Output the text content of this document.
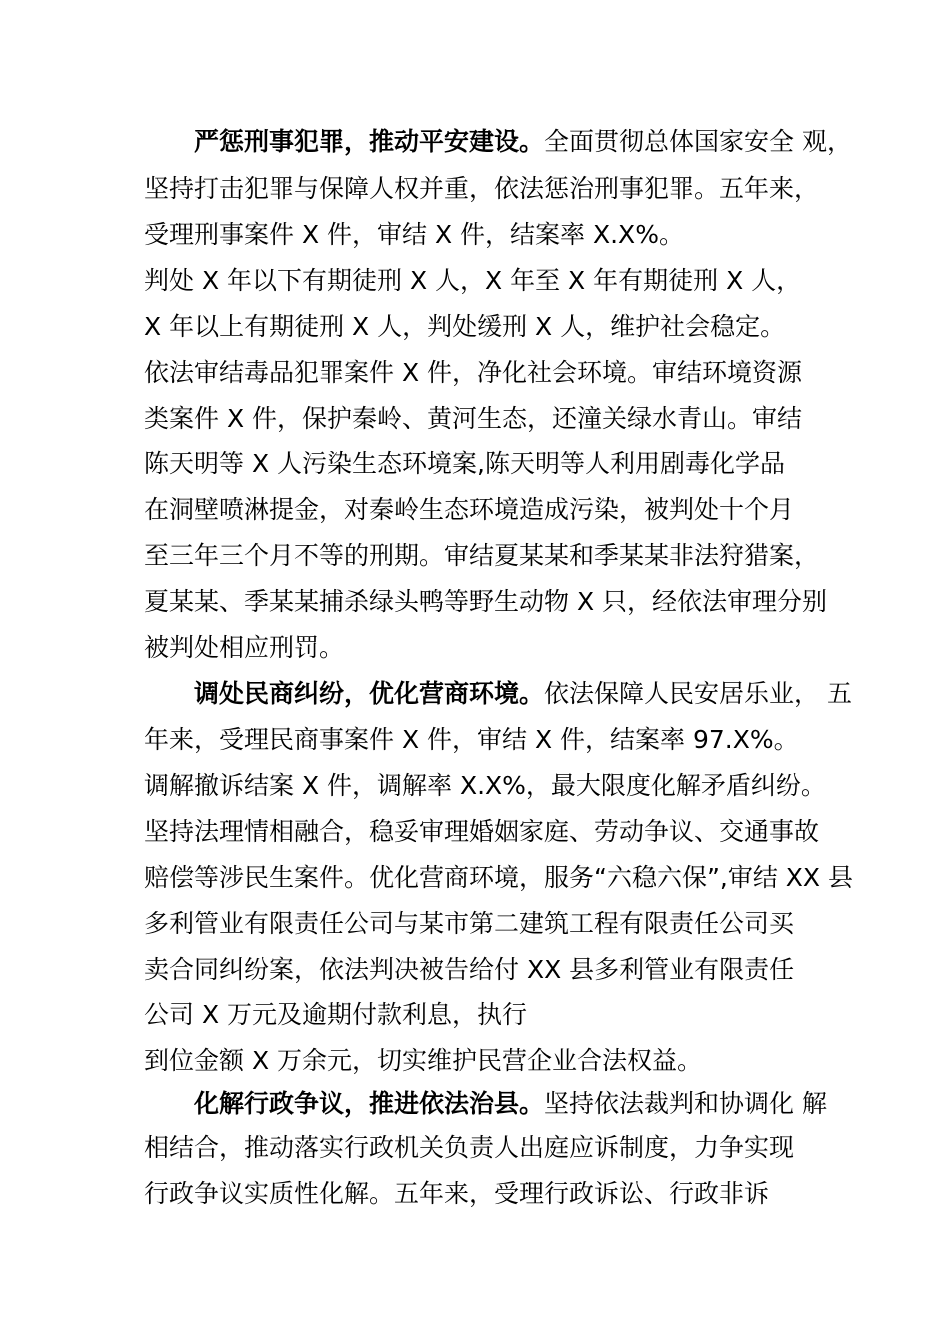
严惩刑事犯罪，推动平安建设。全面贯彻总体国家安全 观，
坚持打击犯罪与保障人权并重，依法惩治刑事犯罪。五年来，
受理刑事案件 X 件，审结 X 件，结案率 X.X%。
判处 X 年以下有期徒刑 X 人，X 年至 X 年有期徒刑 X 人，
X 年以上有期徒刑 X 人，判处缓刑 X 人，维护社会稳定。
依法审结毒品犯罪案件 X 件，净化社会环境。审结环境资源
类案件 X 件，保护秦岭、黄河生态，还潼关绿水青山。审结
陈天明等 X 人污染生态环境案,陈天明等人利用剧毒化学品
在洞壁喷淋提金，对秦岭生态环境造成污染，被判处十个月
至三年三个月不等的刑期。审结夏某某和季某某非法狩猎案，
夏某某、季某某捕杀绿头鸭等野生动物 X 只，经依法审理分别
被判处相应刑罚。
调处民商纠纷，优化营商环境。依法保障人民安居乐业， 五
年来，受理民商事案件 X 件，审结 X 件，结案率 97.X%。
调解撤诉结案 X 件，调解率 X.X%，最大限度化解矛盾纠纷。
坚持法理情相融合，稳妥审理婚姻家庭、劳动争议、交通事故
赔偿等涉民生案件。优化营商环境，服务“六稳六保”,审结 XX 县
多利管业有限责任公司与某市第二建筑工程有限责任公司买
卖合同纠纷案，依法判决被告给付 XX 县多利管业有限责任
公司 X 万元及逾期付款利息，执行
到位金额 X 万余元，切实维护民营企业合法权益。
化解行政争议，推进依法治县。坚持依法裁判和协调化 解
相结合，推动落实行政机关负责人出庭应诉制度，力争实现
行政争议实质性化解。五年来，受理行政诉讼、行政非诉
